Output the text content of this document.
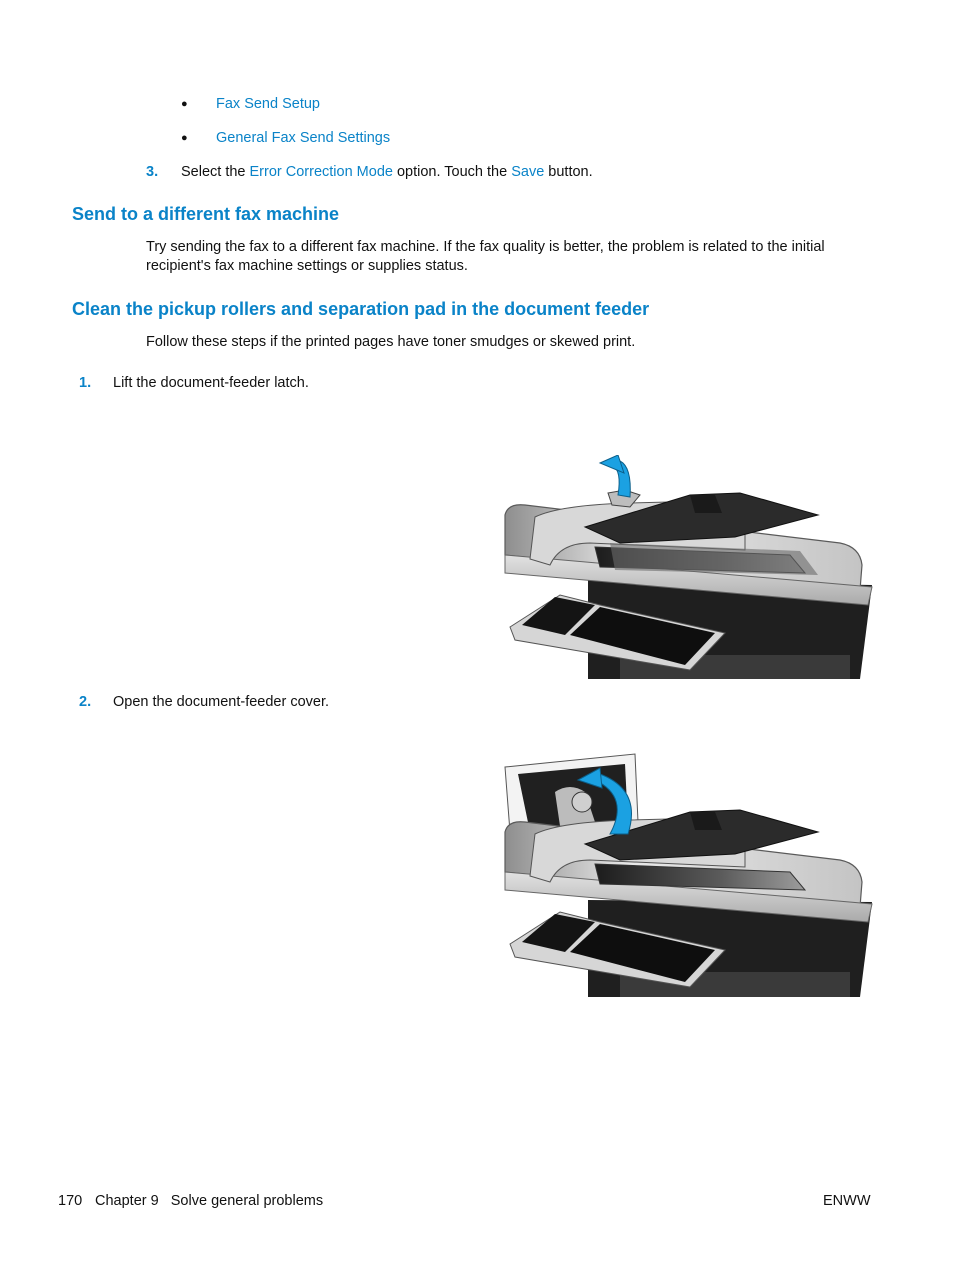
● Fax Send Setup
● General Fax Send Settings
3. Select the Error Correction Mode option. Touch the Save button.
Send to a different fax machine
Try sending the fax to a different fax machine. If the fax quality is better, the problem is related to the initial recipient's fax machine settings or supplies status.
Clean the pickup rollers and separation pad in the document feeder
Follow these steps if the printed pages have toner smudges or skewed print.
1. Lift the document-feeder latch.
2. Open the document-feeder cover.
170 Chapter 9   Solve general problems	ENWW
